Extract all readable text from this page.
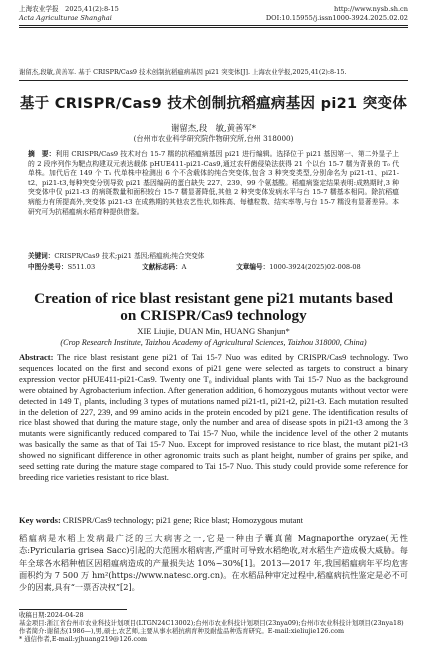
上海农业学报　2025,41(2):8-15
Acta Agriculturae Shanghai
http://www.nysb.sh.cn
DOI:10.15955/j.issn1000-3924.2025.02.02
谢留杰,段敏,黄善军. 基于 CRISPR/Cas9 技术创制抗稻瘟病基因 pi21 突变体[J]. 上海农业学报,2025,41(2):8-15.
基于 CRISPR/Cas9 技术创制抗稻瘟病基因 pi21 突变体
谢留杰,段　敏,黄善军*
(台州市农业科学研究院作物研究所,台州 318000)
摘　要：利用 CRISPR/Cas9 技术对台 15-7 糯的抗稻瘟病基因 pi21 进行编辑。选择位于 pi21 基因第一、第二外显子上的 2 段序列作为靶点构建双元表达载体 pHUE411-pi21-Cas9,通过农杆菌侵染法获得 21 个以台 15-7 糯为背景的 T₀ 代单株。加代后在 149 个 T₁ 代单株中检测出 6 个不含载体的纯合突变体,包含 3 种突变类型,分别命名为 pi21-t1、pi21-t2、pi21-t3,每种突变分别导致 pi21 基因编码的蛋白缺失 227、239、99 个氨基酸。稻瘟病鉴定结果表明:成熟期时,3 种突变体中仅 pi21-t3 的病斑数量和面积较台 15-7 糯显著降低,其他 2 种突变体发病水平与台 15-7 糯基本相同。除抗稻瘟病能力有所提高外,突变体 pi21-t3 在成熟期的其他农艺性状,如株高、每穗粒数、结实率等,与台 15-7 糯没有显著差异。本研究可为抗稻瘟病水稻育种提供借鉴。
关键词：CRISPR/Cas9 技术;pi21 基因;稻瘟病;纯合突变体
中图分类号：S511.03	文献标志码：A	文章编号：1000-3924(2025)02-008-08
Creation of rice blast resistant gene pi21 mutants based
on CRISPR/Cas9 technology
XIE Liujie, DUAN Min, HUANG Shanjun*
(Crop Research Institute, Taizhou Academy of Agricultural Sciences, Taizhou 318000, China)
Abstract: The rice blast resistant gene pi21 of Tai 15-7 Nuo was edited by CRISPR/Cas9 technology. Two sequences located on the first and second exons of pi21 gene were selected as targets to construct a binary expression vector pHUE411-pi21-Cas9. Twenty one T₀ individual plants with Tai 15-7 Nuo as the background were obtained by Agrobacterium infection. After generation addition, 6 homozygous mutants without vector were detected in 149 T₁ plants, including 3 types of mutations named pi21-t1, pi21-t2, pi21-t3. Each mutation resulted in the deletion of 227, 239, and 99 amino acids in the protein encoded by pi21 gene. The identification results of rice blast showed that during the mature stage, only the number and area of disease spots in pi21-t3 among the 3 mutants were significantly reduced compared to Tai 15-7 Nuo, while the incidence level of the other 2 mutants was basically the same as that of Tai 15-7 Nuo. Except for improved resistance to rice blast, the mutant pi21-t3 showed no significant difference in other agronomic traits such as plant height, number of grains per spike, and seed setting rate during the mature stage compared to Tai 15-7 Nuo. This study could provide some reference for breeding rice varieties resistant to rice blast.
Key words: CRISPR/Cas9 technology; pi21 gene; Rice blast; Homozygous mutant
稻瘟病是水稻上发病最广泛的三大病害之一,它是一种由子囊真菌 Magnaporthe oryzae(无性态:Pyricularia grisea Sacc)引起的大范围水稻病害,严重时可导致水稻绝收,对水稻生产造成极大威胁。每年全球各水稻种植区因稻瘟病造成的产量损失达 10%~30%[1]。2013—2017 年,我国稻瘟病年平均危害面积约为 7 500 万 hm²(https://www.natesc.org.cn)。在水稻品种审定过程中,稻瘟病抗性鉴定是必不可少的因素,具有“一票否决权”[2]。
收稿日期:2024-04-28
基金项目:浙江省台州市农业科技计划项目(LTGN24C13002);台州市农业科技计划项目(23nya09);台州市农业科技计划项目(23nya18)
作者简介:谢留杰(1986—),男,硕士,农艺师,主要从事水稻抗病育种及耐盐品种选育研究。E-mail:xieliujie126.com
* 通信作者,E-mail:yjhuang219@126.com
